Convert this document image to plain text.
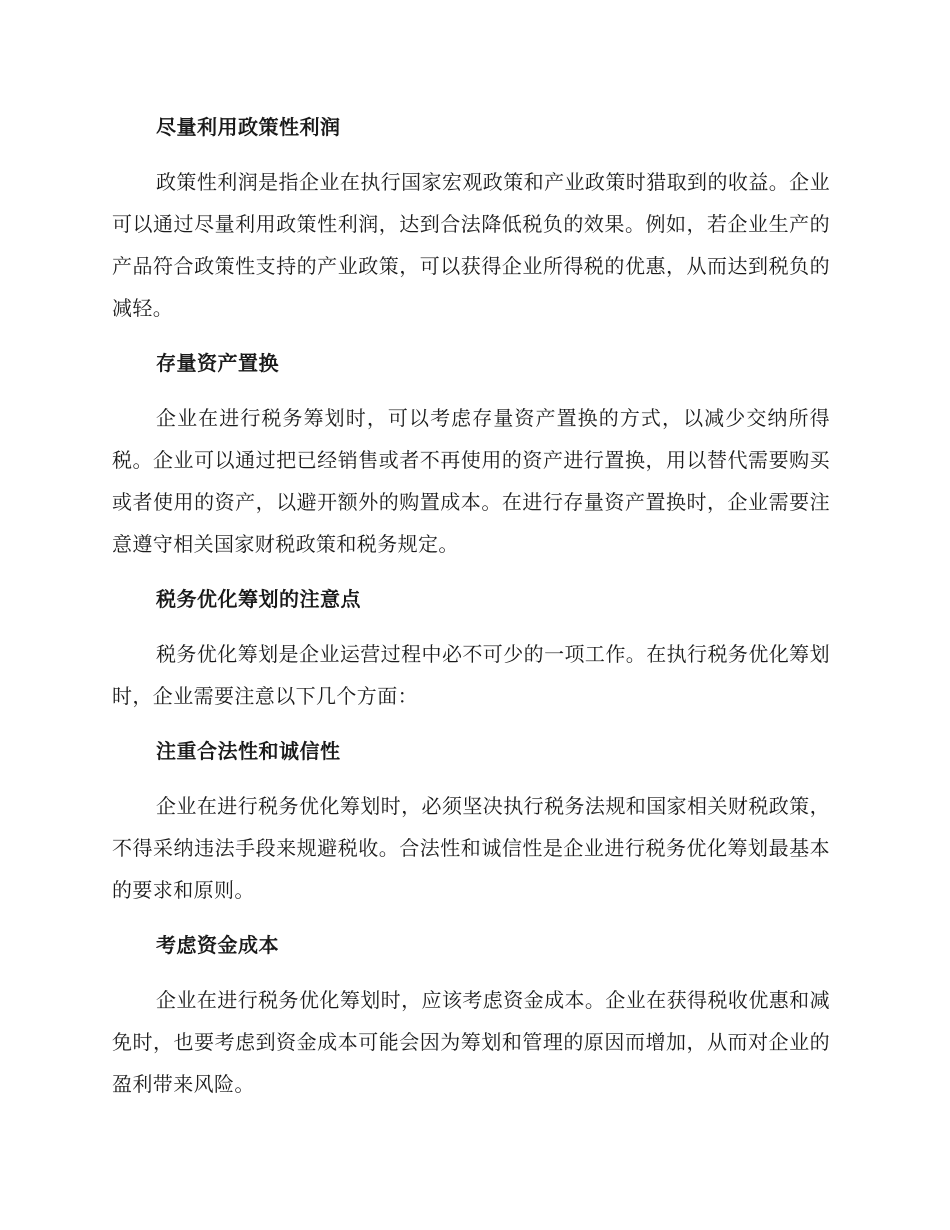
尽量利用政策性利润

政策性利润是指企业在执行国家宏观政策和产业政策时猎取到的收益。企业可以通过尽量利用政策性利润，达到合法降低税负的效果。例如，若企业生产的产品符合政策性支持的产业政策，可以获得企业所得税的优惠，从而达到税负的减轻。

存量资产置换

企业在进行税务筹划时，可以考虑存量资产置换的方式，以减少交纳所得税。企业可以通过把已经销售或者不再使用的资产进行置换，用以替代需要购买或者使用的资产，以避开额外的购置成本。在进行存量资产置换时，企业需要注意遵守相关国家财税政策和税务规定。

税务优化筹划的注意点

税务优化筹划是企业运营过程中必不可少的一项工作。在执行税务优化筹划时，企业需要注意以下几个方面：

注重合法性和诚信性

企业在进行税务优化筹划时，必须坚决执行税务法规和国家相关财税政策，不得采纳违法手段来规避税收。合法性和诚信性是企业进行税务优化筹划最基本的要求和原则。

考虑资金成本

企业在进行税务优化筹划时，应该考虑资金成本。企业在获得税收优惠和减免时，也要考虑到资金成本可能会因为筹划和管理的原因而增加，从而对企业的盈利带来风险。
